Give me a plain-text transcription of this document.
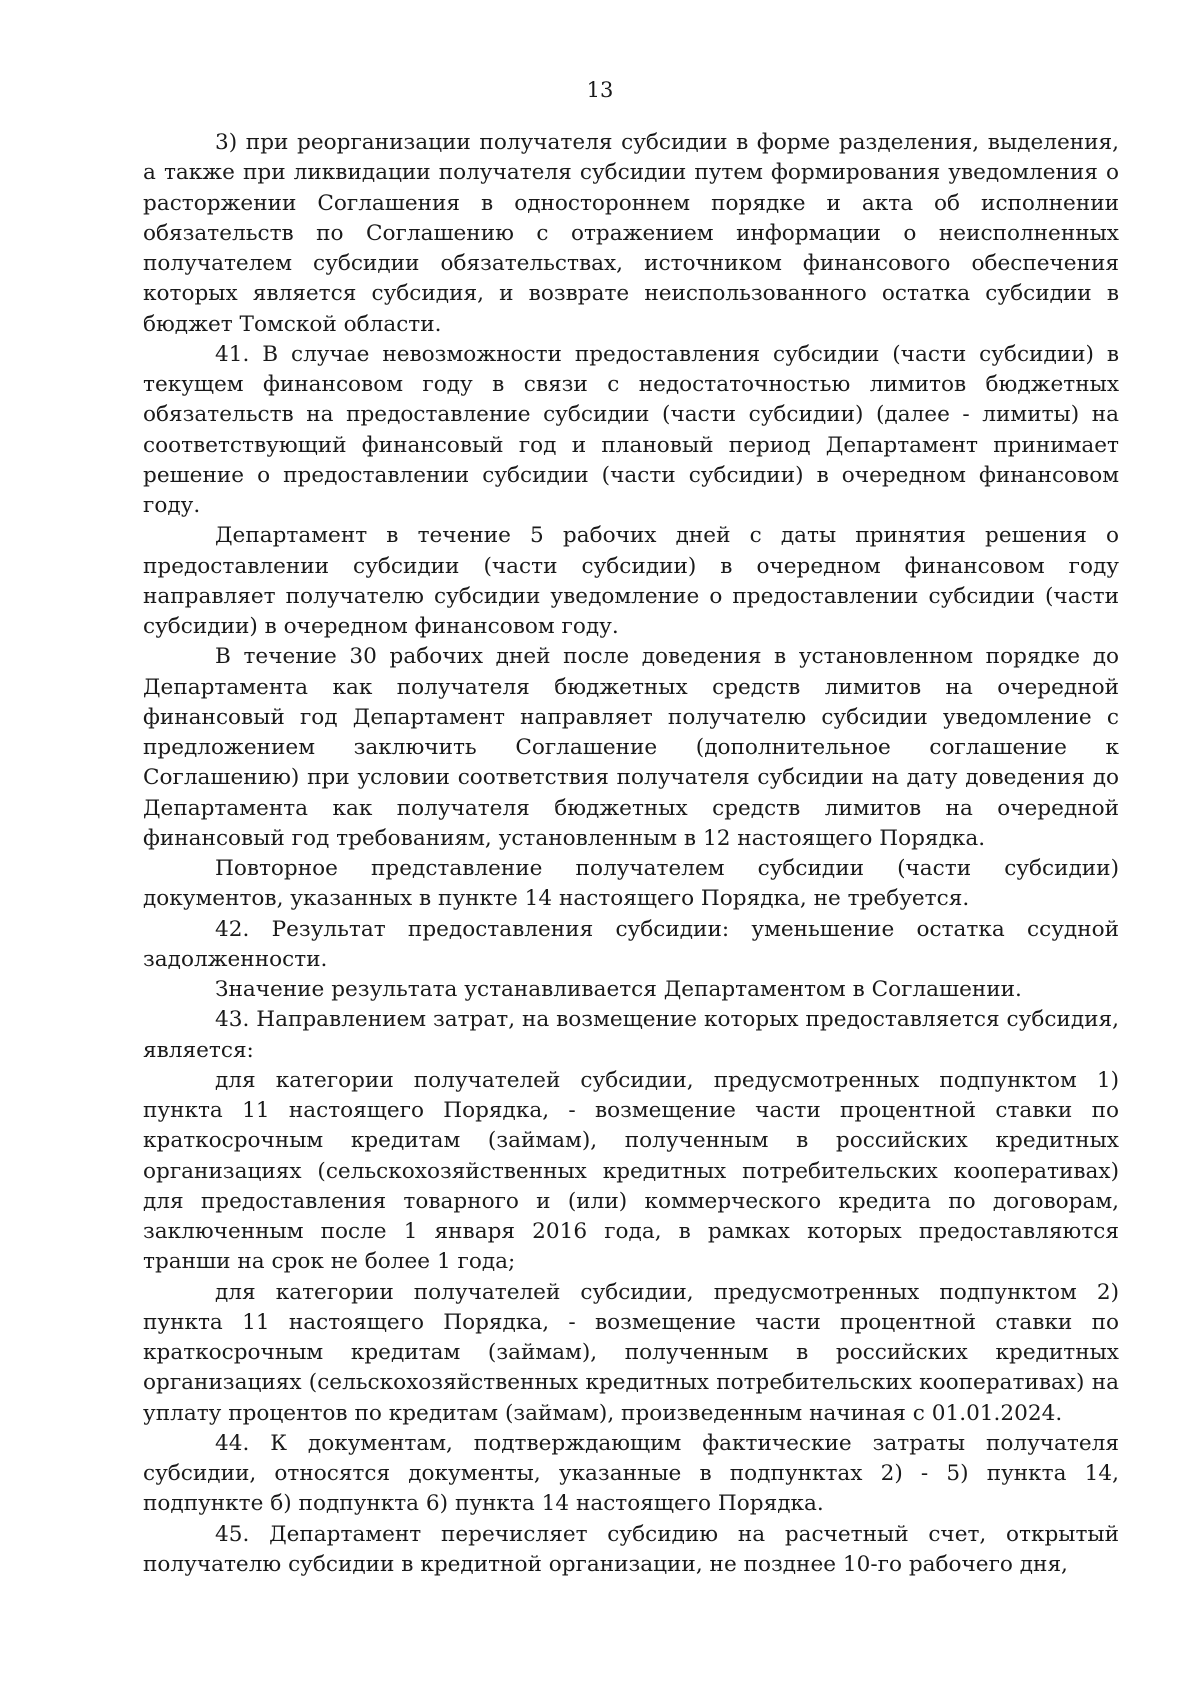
13

3) при реорганизации получателя субсидии в форме разделения, выделения, а также при ликвидации получателя субсидии путем формирования уведомления о расторжении Соглашения в одностороннем порядке и акта об исполнении обязательств по Соглашению с отражением информации о неисполненных получателем субсидии обязательствах, источником финансового обеспечения которых является субсидия, и возврате неиспользованного остатка субсидии в бюджет Томской области.

41. В случае невозможности предоставления субсидии (части субсидии) в текущем финансовом году в связи с недостаточностью лимитов бюджетных обязательств на предоставление субсидии (части субсидии) (далее - лимиты) на соответствующий финансовый год и плановый период Департамент принимает решение о предоставлении субсидии (части субсидии) в очередном финансовом году.

Департамент в течение 5 рабочих дней с даты принятия решения о предоставлении субсидии (части субсидии) в очередном финансовом году направляет получателю субсидии уведомление о предоставлении субсидии (части субсидии) в очередном финансовом году.

В течение 30 рабочих дней после доведения в установленном порядке до Департамента как получателя бюджетных средств лимитов на очередной финансовый год Департамент направляет получателю субсидии уведомление с предложением заключить Соглашение (дополнительное соглашение к Соглашению) при условии соответствия получателя субсидии на дату доведения до Департамента как получателя бюджетных средств лимитов на очередной финансовый год требованиям, установленным в 12 настоящего Порядка.

Повторное представление получателем субсидии (части субсидии) документов, указанных в пункте 14 настоящего Порядка, не требуется.

42. Результат предоставления субсидии: уменьшение остатка ссудной задолженности.

Значение результата устанавливается Департаментом в Соглашении.

43. Направлением затрат, на возмещение которых предоставляется субсидия, является:

для категории получателей субсидии, предусмотренных подпунктом 1) пункта 11 настоящего Порядка, - возмещение части процентной ставки по краткосрочным кредитам (займам), полученным в российских кредитных организациях (сельскохозяйственных кредитных потребительских кооперативах) для предоставления товарного и (или) коммерческого кредита по договорам, заключенным после 1 января 2016 года, в рамках которых предоставляются транши на срок не более 1 года;

для категории получателей субсидии, предусмотренных подпунктом 2) пункта 11 настоящего Порядка, - возмещение части процентной ставки по краткосрочным кредитам (займам), полученным в российских кредитных организациях (сельскохозяйственных кредитных потребительских кооперативах) на уплату процентов по кредитам (займам), произведенным начиная с 01.01.2024.

44. К документам, подтверждающим фактические затраты получателя субсидии, относятся документы, указанные в подпунктах 2) - 5) пункта 14, подпункте б) подпункта 6) пункта 14 настоящего Порядка.

45. Департамент перечисляет субсидию на расчетный счет, открытый получателю субсидии в кредитной организации, не позднее 10-го рабочего дня,
